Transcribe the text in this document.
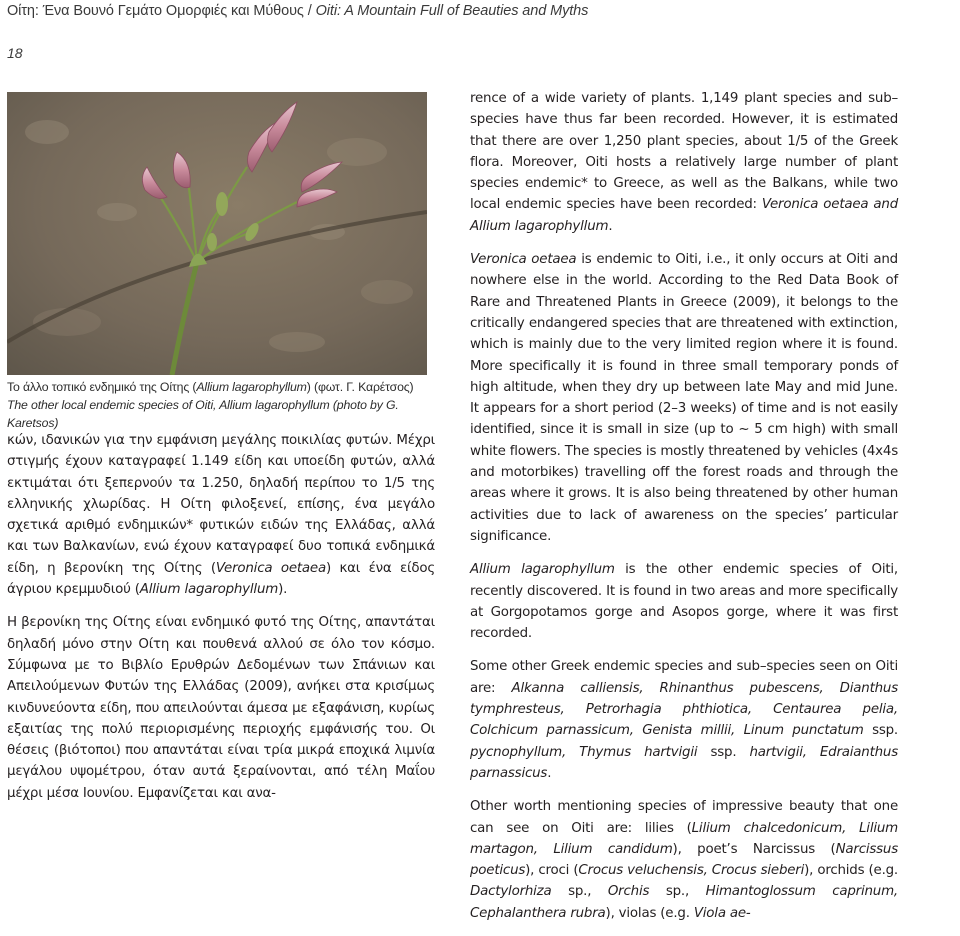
Οίτη: Ένα Βουνό Γεμάτο Ομορφιές και Μύθους / Oiti: A Mountain Full of Beauties and Myths
18
Το άλλο τοπικό ενδημικό της Οίτης (Allium lagarophyllum) (φωτ. Γ. Καρέτσος)
The other local endemic species of Oiti, Allium lagarophyllum (photo by G. Karetsos)

κών, ιδανικών για την εμφάνιση μεγάλης ποικιλίας φυτών. Μέχρι στιγμής έχουν καταγραφεί 1.149 είδη και υποείδη φυτών, αλλά εκτιμάται ότι ξεπερνούν τα 1.250, δηλαδή περίπου το 1/5 της ελληνικής χλωρίδας. Η Οίτη φιλοξενεί, επίσης, ένα μεγάλο σχετικά αριθμό ενδημικών* φυτικών ειδών της Ελλάδας, αλλά και των Βαλκανίων, ενώ έχουν καταγραφεί δυο τοπικά ενδημικά είδη, η βερονίκη της Οίτης (Veronica oetaea) και ένα είδος άγριου κρεμμυδιού (Allium lagarophyllum).

Η βερονίκη της Οίτης είναι ενδημικό φυτό της Οίτης, απαντάται δηλαδή μόνο στην Οίτη και πουθενά αλλού σε όλο τον κόσμο. Σύμφωνα με το Βιβλίο Ερυθρών Δεδομένων των Σπάνιων και Απειλούμενων Φυτών της Ελλάδας (2009), ανήκει στα κρισίμως κινδυνεύοντα είδη, που απειλούνται άμεσα με εξαφάνιση, κυρίως εξαιτίας της πολύ περιορισμένης περιοχής εμφάνισής του. Οι θέσεις (βιότοποι) που απαντάται είναι τρία μικρά εποχικά λιμνία μεγάλου υψομέτρου, όταν αυτά ξεραίνονται, από τέλη Μαΐου μέχρι μέσα Ιουνίου. Εμφανίζεται και ανα-

rence of a wide variety of plants. 1,149 plant species and sub–species have thus far been recorded. However, it is estimated that there are over 1,250 plant species, about 1/5 of the Greek flora. Moreover, Oiti hosts a relatively large number of plant species endemic* to Greece, as well as the Balkans, while two local endemic species have been recorded: Veronica oetaea and Allium lagarophyllum.

Veronica oetaea is endemic to Oiti, i.e., it only occurs at Oiti and nowhere else in the world. According to the Red Data Book of Rare and Threatened Plants in Greece (2009), it belongs to the critically endangered species that are threatened with extinction, which is mainly due to the very limited region where it is found. More specifically it is found in three small temporary ponds of high altitude, when they dry up between late May and mid June. It appears for a short period (2–3 weeks) of time and is not easily identified, since it is small in size (up to ~ 5 cm high) with small white flowers. The species is mostly threatened by vehicles (4x4s and motorbikes) travelling off the forest roads and through the areas where it grows. It is also being threatened by other human activities due to lack of awareness on the species’ particular significance.

Allium lagarophyllum is the other endemic species of Oiti, recently discovered. It is found in two areas and more specifically at Gorgopotamos gorge and Asopos gorge, where it was first recorded.

Some other Greek endemic species and sub–species seen on Oiti are: Alkanna calliensis, Rhinanthus pubescens, Dianthus tymphresteus, Petrorhagia phthiotica, Centaurea pelia, Colchicum parnassicum, Genista millii, Linum punctatum ssp. pycnophyllum, Thymus hartvigii ssp. hartvigii, Edraianthus parnassicus.

Other worth mentioning species of impressive beauty that one can see on Oiti are: lilies (Lilium chalcedonicum, Lilium martagon, Lilium candidum), poet’s Narcissus (Narcissus poeticus), croci (Crocus veluchensis, Crocus sieberi), orchids (e.g. Dactylorhiza sp., Orchis sp., Himantoglossum caprinum, Cephalanthera rubra), violas (e.g. Viola ae-
